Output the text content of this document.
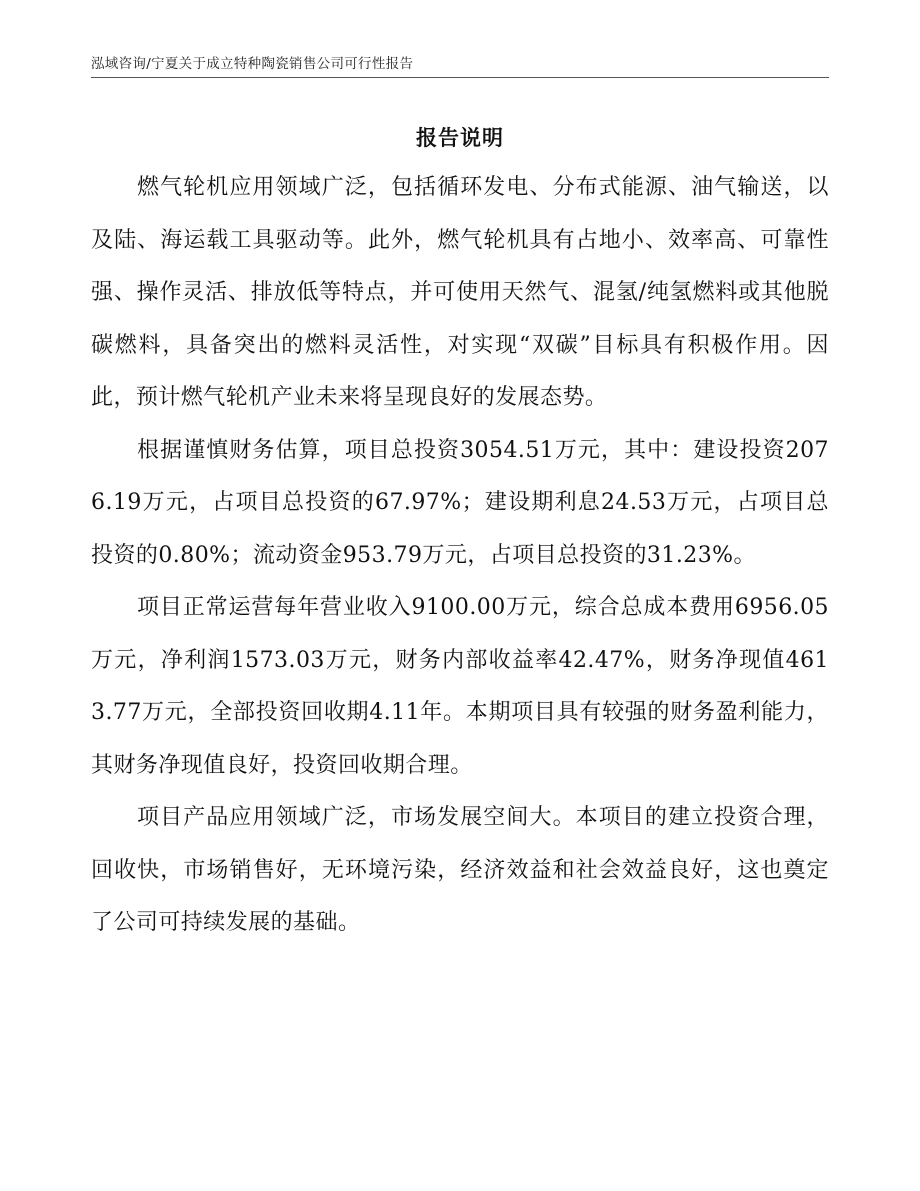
泓域咨询/宁夏关于成立特种陶瓷销售公司可行性报告
报告说明

燃气轮机应用领域广泛，包括循环发电、分布式能源、油气输送，以及陆、海运载工具驱动等。此外，燃气轮机具有占地小、效率高、可靠性强、操作灵活、排放低等特点，并可使用天然气、混氢/纯氢燃料或其他脱碳燃料，具备突出的燃料灵活性，对实现“双碳”目标具有积极作用。因此，预计燃气轮机产业未来将呈现良好的发展态势。

根据谨慎财务估算，项目总投资3054.51万元，其中：建设投资2076.19万元，占项目总投资的67.97%；建设期利息24.53万元，占项目总投资的0.80%；流动资金953.79万元，占项目总投资的31.23%。

项目正常运营每年营业收入9100.00万元，综合总成本费用6956.05万元，净利润1573.03万元，财务内部收益率42.47%，财务净现值4613.77万元，全部投资回收期4.11年。本期项目具有较强的财务盈利能力，其财务净现值良好，投资回收期合理。

项目产品应用领域广泛，市场发展空间大。本项目的建立投资合理，回收快，市场销售好，无环境污染，经济效益和社会效益良好，这也奠定了公司可持续发展的基础。
